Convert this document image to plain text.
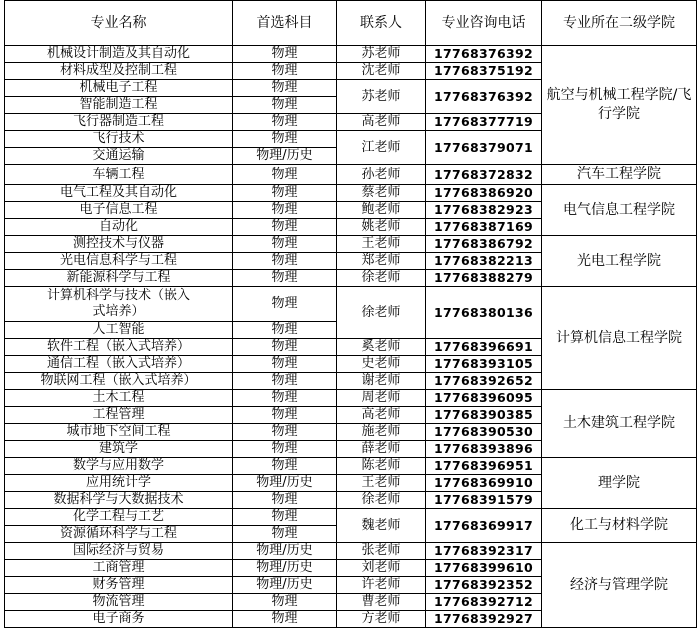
专业名称	首选科目	联系人	专业咨询电话	专业所在二级学院
机械设计制造及其自动化	物理	苏老师	17768376392	航空与机械工程学院/飞行学院
材料成型及控制工程	物理	沈老师	17768375192	
机械电子工程	物理	苏老师	17768376392	
智能制造工程	物理			
飞行器制造工程	物理	高老师	17768377719	
飞行技术	物理	江老师	17768379071	
交通运输	物理/历史			
车辆工程	物理	孙老师	17768372832	汽车工程学院
电气工程及其自动化	物理	蔡老师	17768386920	电气信息工程学院
电子信息工程	物理	鲍老师	17768382923	
自动化	物理	姚老师	17768387169	
测控技术与仪器	物理	王老师	17768386792	光电工程学院
光电信息科学与工程	物理	郑老师	17768382213	
新能源科学与工程	物理	徐老师	17768388279	
计算机科学与技术（嵌入式培养）	物理	徐老师	17768380136	计算机信息工程学院
人工智能	物理			
软件工程（嵌入式培养）	物理	奚老师	17768396691	
通信工程（嵌入式培养）	物理	史老师	17768393105	
物联网工程（嵌入式培养）	物理	谢老师	17768392652	
土木工程	物理	周老师	17768396095	土木建筑工程学院
工程管理	物理	高老师	17768390385	
城市地下空间工程	物理	施老师	17768390530	
建筑学	物理	薛老师	17768393896	
数学与应用数学	物理	陈老师	17768396951	理学院
应用统计学	物理/历史	王老师	17768369910	
数据科学与大数据技术	物理	徐老师	17768391579	
化学工程与工艺	物理	魏老师	17768369917	化工与材料学院
资源循环科学与工程	物理			
国际经济与贸易	物理/历史	张老师	17768392317	经济与管理学院
工商管理	物理/历史	刘老师	17768399610	
财务管理	物理/历史	许老师	17768392352	
物流管理	物理	曹老师	17768392712	
电子商务	物理	方老师	17768392927	
